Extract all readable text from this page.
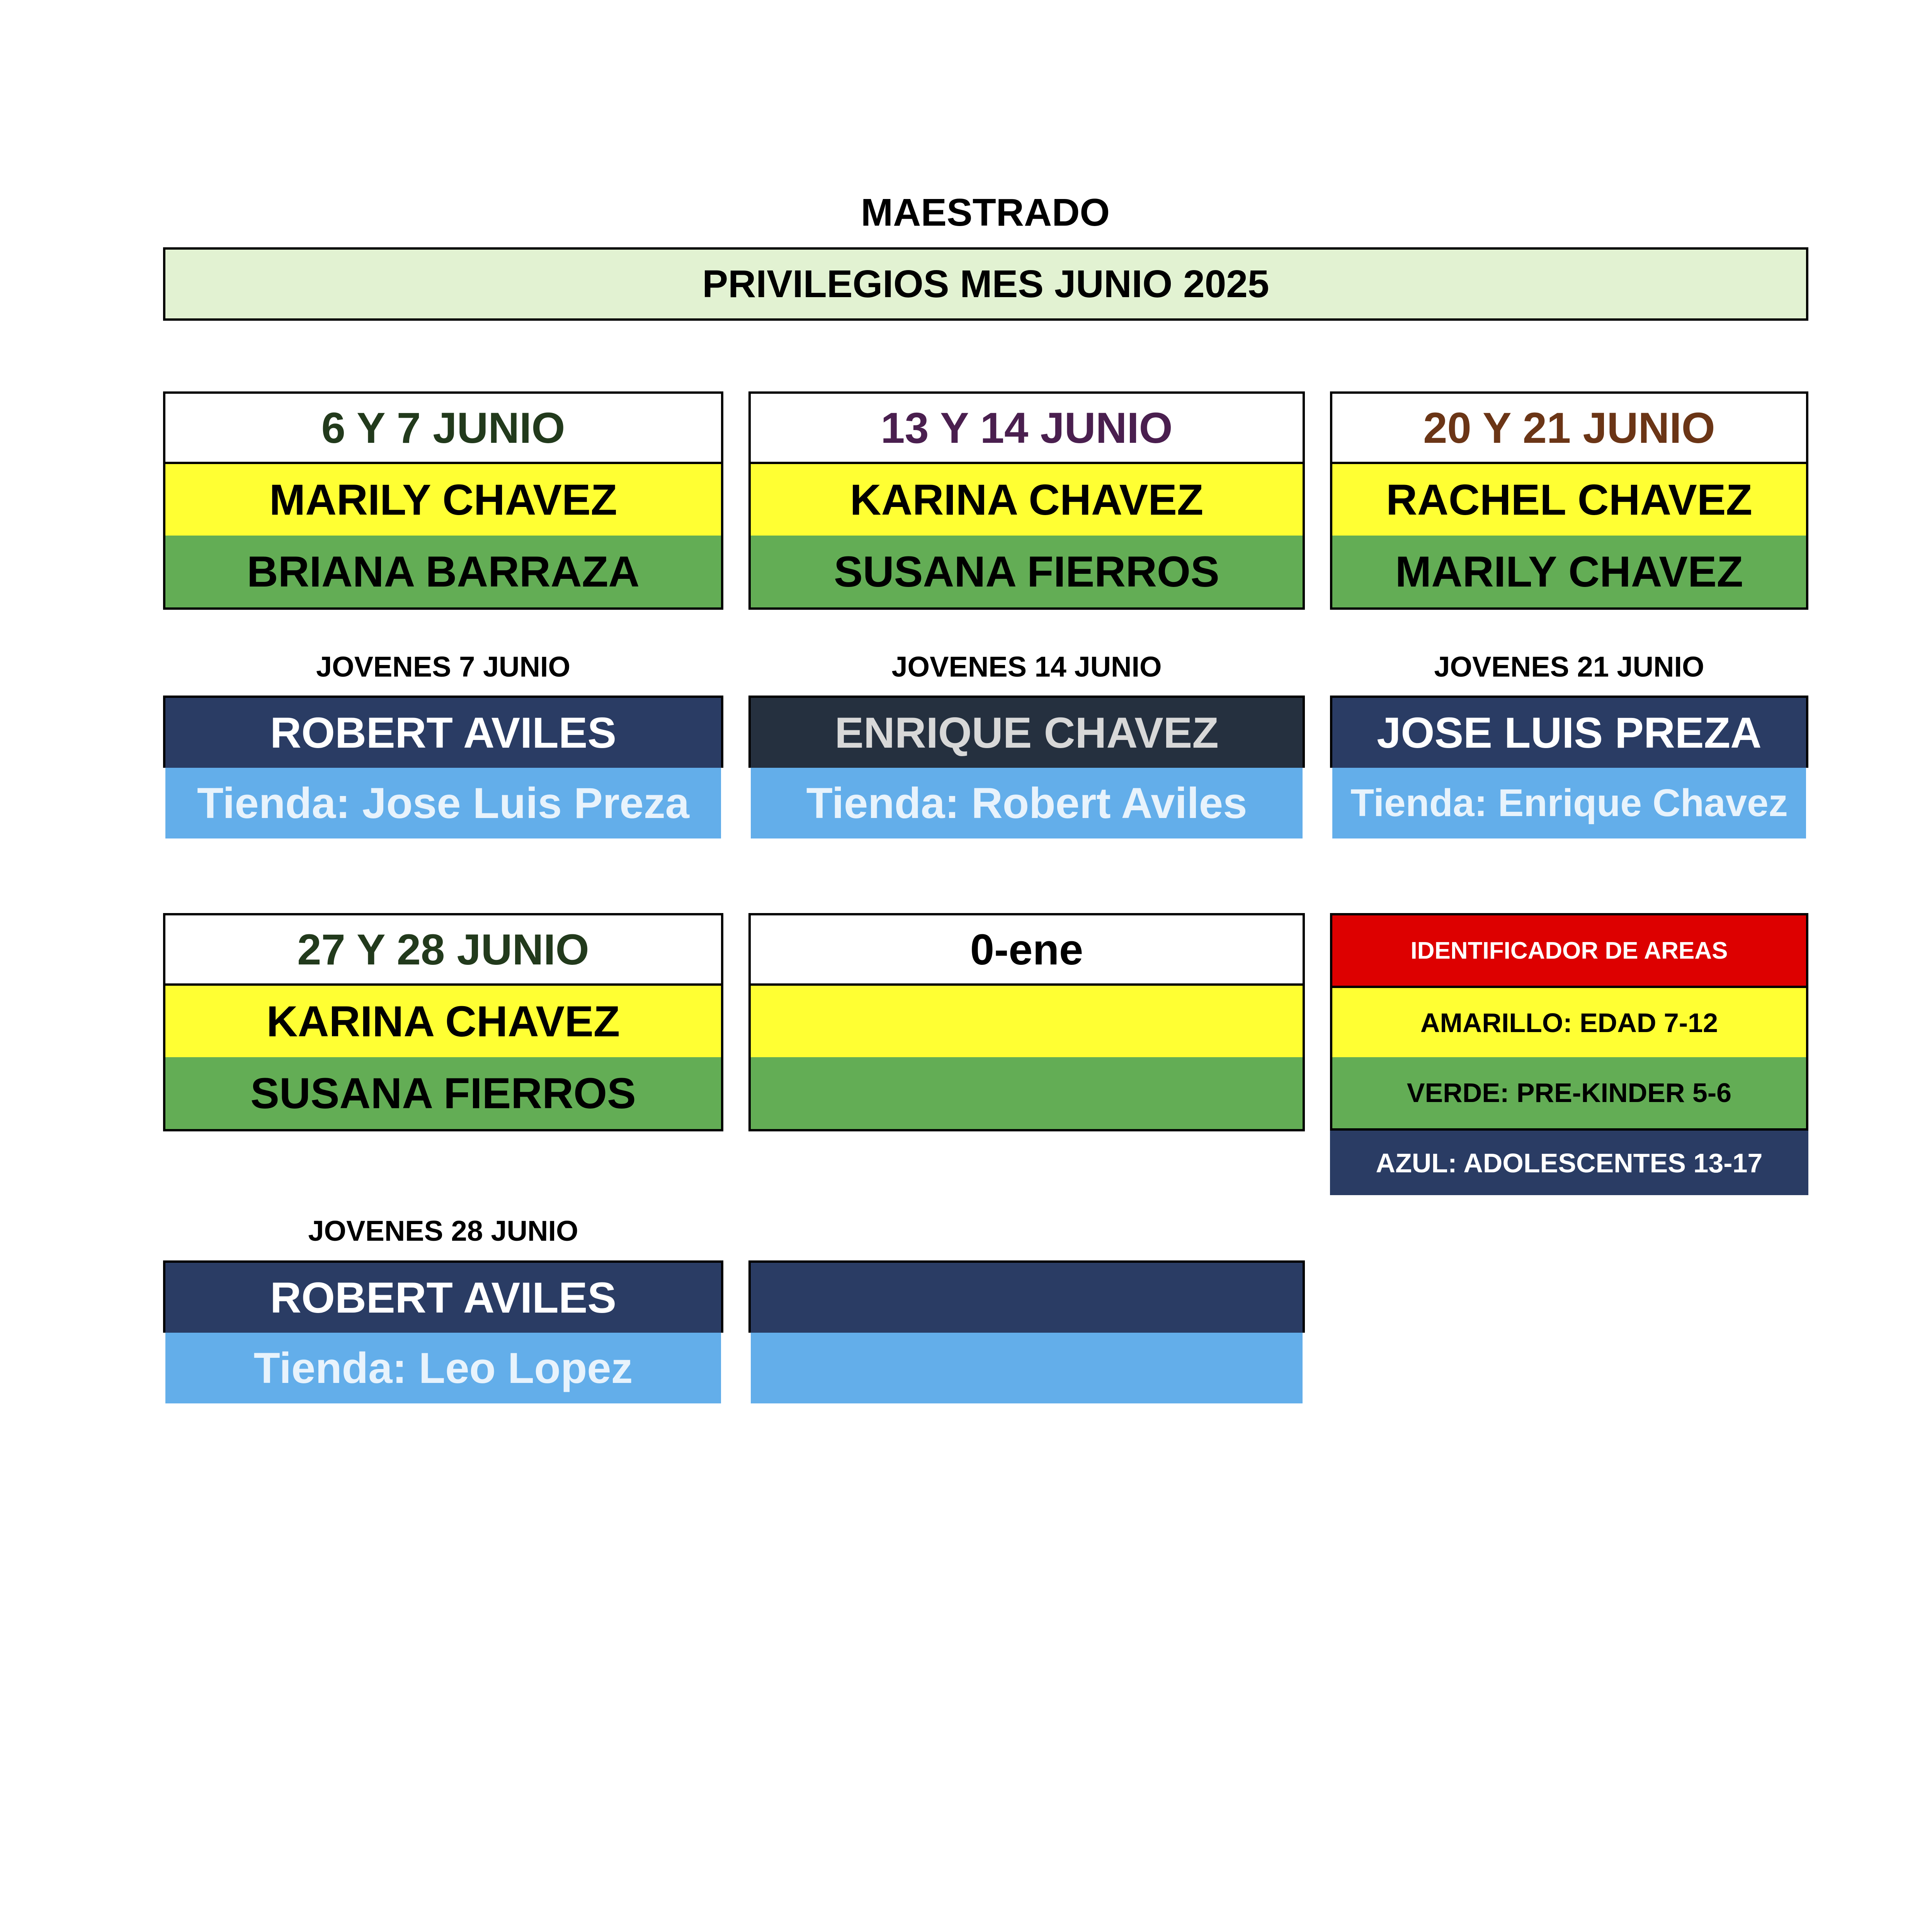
MAESTRADO
PRIVILEGIOS MES JUNIO 2025
6 Y 7 JUNIO
MARILY CHAVEZ
BRIANA BARRAZA
13 Y 14 JUNIO
KARINA CHAVEZ
SUSANA FIERROS
20 Y 21 JUNIO
RACHEL CHAVEZ
MARILY CHAVEZ
JOVENES 7 JUNIO
ROBERT AVILES
Tienda: Jose Luis Preza
JOVENES 14 JUNIO
ENRIQUE CHAVEZ
Tienda: Robert Aviles
JOVENES 21 JUNIO
JOSE LUIS PREZA
Tienda: Enrique Chavez
27 Y 28 JUNIO
KARINA CHAVEZ
SUSANA FIERROS
0-ene	IDENTIFICADOR DE AREAS
AMARILLO: EDAD 7-12
VERDE: PRE-KINDER 5-6
AZUL: ADOLESCENTES 13-17
JOVENES 28 JUNIO
ROBERT AVILES
Tienda: Leo Lopez
